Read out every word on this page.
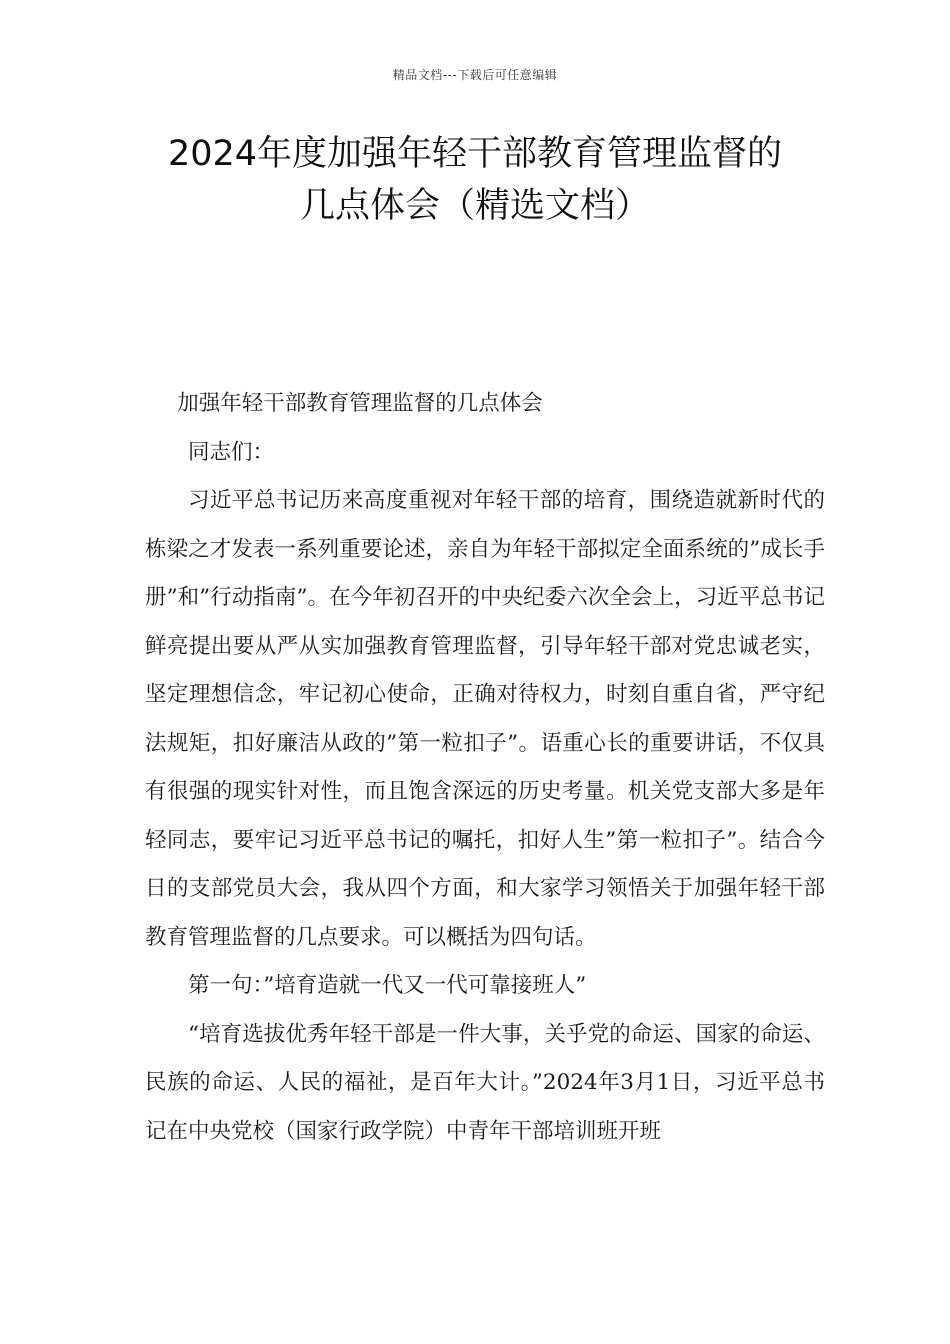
精品文档---下载后可任意编辑
2024年度加强年轻干部教育管理监督的
几点体会（精选文档）

加强年轻干部教育管理监督的几点体会

同志们：

习近平总书记历来高度重视对年轻干部的培育，围绕造就新时代的栋梁之才发表一系列重要论述，亲自为年轻干部拟定全面系统的”成长手册”和”行动指南”。在今年初召开的中央纪委六次全会上，习近平总书记鲜亮提出要从严从实加强教育管理监督，引导年轻干部对党忠诚老实，坚定理想信念，牢记初心使命，正确对待权力，时刻自重自省，严守纪法规矩，扣好廉洁从政的”第一粒扣子”。语重心长的重要讲话，不仅具有很强的现实针对性，而且饱含深远的历史考量。机关党支部大多是年轻同志，要牢记习近平总书记的嘱托，扣好人生”第一粒扣子”。结合今日的支部党员大会，我从四个方面，和大家学习领悟关于加强年轻干部教育管理监督的几点要求。可以概括为四句话。

第一句：”培育造就一代又一代可靠接班人”

“培育选拔优秀年轻干部是一件大事，关乎党的命运、国家的命运、民族的命运、人民的福祉，是百年大计。”2024年3月1日，习近平总书记在中央党校（国家行政学院）中青年干部培训班开班
